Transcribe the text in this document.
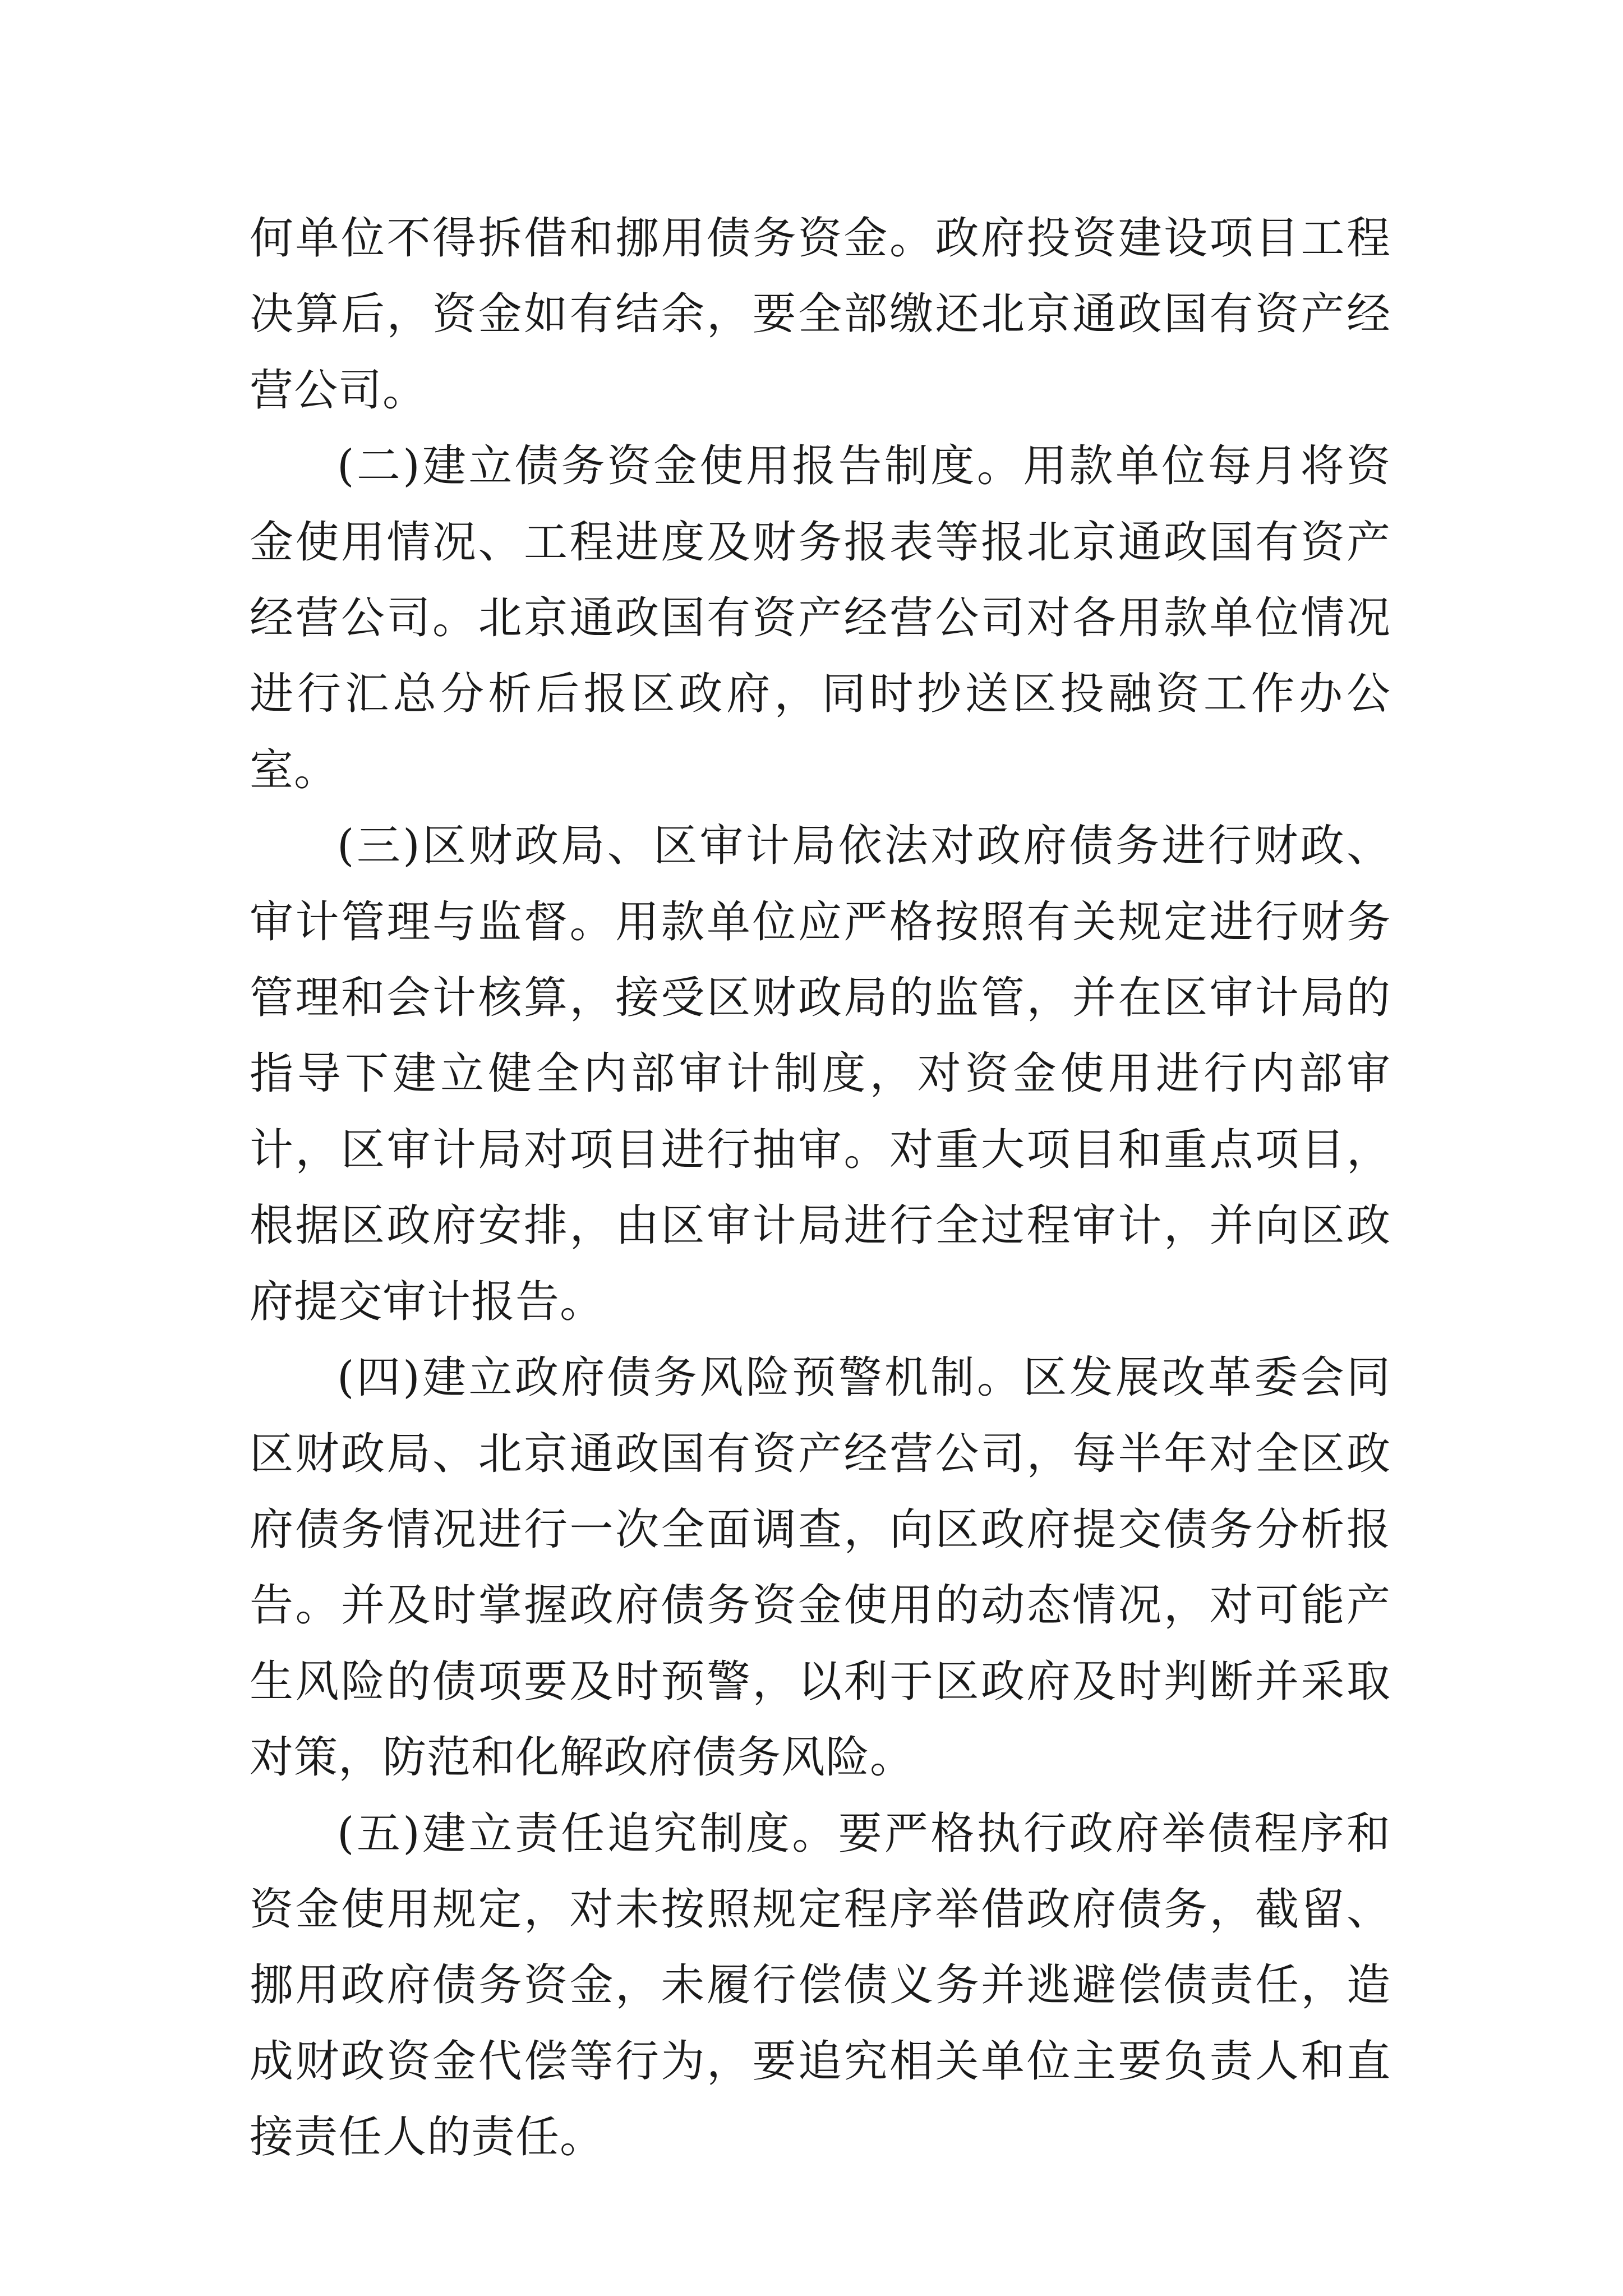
何单位不得拆借和挪用债务资金。政府投资建设项目工程决算后，资金如有结余，要全部缴还北京通政国有资产经营公司。

(二)建立债务资金使用报告制度。用款单位每月将资金使用情况、工程进度及财务报表等报北京通政国有资产经营公司。北京通政国有资产经营公司对各用款单位情况进行汇总分析后报区政府，同时抄送区投融资工作办公室。

(三)区财政局、区审计局依法对政府债务进行财政、审计管理与监督。用款单位应严格按照有关规定进行财务管理和会计核算，接受区财政局的监管，并在区审计局的指导下建立健全内部审计制度，对资金使用进行内部审计，区审计局对项目进行抽审。对重大项目和重点项目，根据区政府安排，由区审计局进行全过程审计，并向区政府提交审计报告。

(四)建立政府债务风险预警机制。区发展改革委会同区财政局、北京通政国有资产经营公司，每半年对全区政府债务情况进行一次全面调查，向区政府提交债务分析报告。并及时掌握政府债务资金使用的动态情况，对可能产生风险的债项要及时预警，以利于区政府及时判断并采取对策，防范和化解政府债务风险。

(五)建立责任追究制度。要严格执行政府举债程序和资金使用规定，对未按照规定程序举借政府债务，截留、挪用政府债务资金，未履行偿债义务并逃避偿债责任，造成财政资金代偿等行为，要追究相关单位主要负责人和直接责任人的责任。
